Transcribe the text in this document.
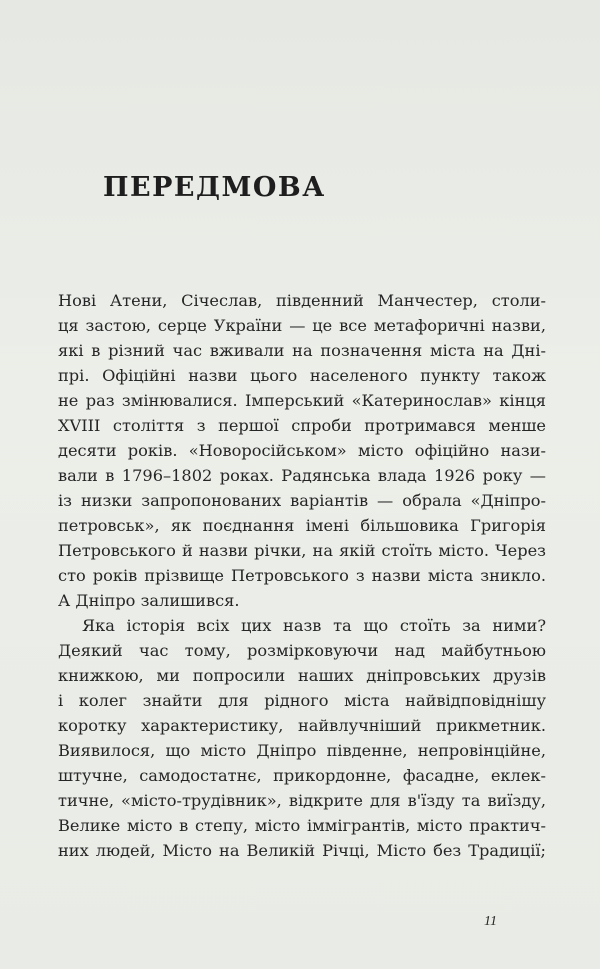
ПЕРЕДМОВА
Нові Атени, Січеслав, південний Манчестер, столи-
ця застою, серце України — це все метафоричні назви,
які в різний час вживали на позначення міста на Дні-
прі. Офіційні назви цього населеного пункту також
не раз змінювалися. Імперський «Катеринослав» кінця
XVIII століття з першої спроби протримався менше
десяти років. «Новоросійськом» місто офіційно нази-
вали в 1796–1802 роках. Радянська влада 1926 року —
із низки запропонованих варіантів — обрала «Дніпро-
петровськ», як поєднання імені більшовика Григорія
Петровського й назви річки, на якій стоїть місто. Через
сто років прізвище Петровського з назви міста зникло.
А Дніпро залишився.
Яка історія всіх цих назв та що стоїть за ними?
Деякий час тому, розмірковуючи над майбутньою
книжкою, ми попросили наших дніпровських друзів
і колег знайти для рідного міста найвідповіднішу
коротку характеристику, найвлучніший прикметник.
Виявилося, що місто Дніпро південне, непровінційне,
штучне, самодостатнє, прикордонне, фасадне, еклек-
тичне, «місто-трудівник», відкрите для в'їзду та виїзду,
Велике місто в степу, місто іммігрантів, місто практич-
них людей, Місто на Великій Річці, Місто без Традиції;
11
